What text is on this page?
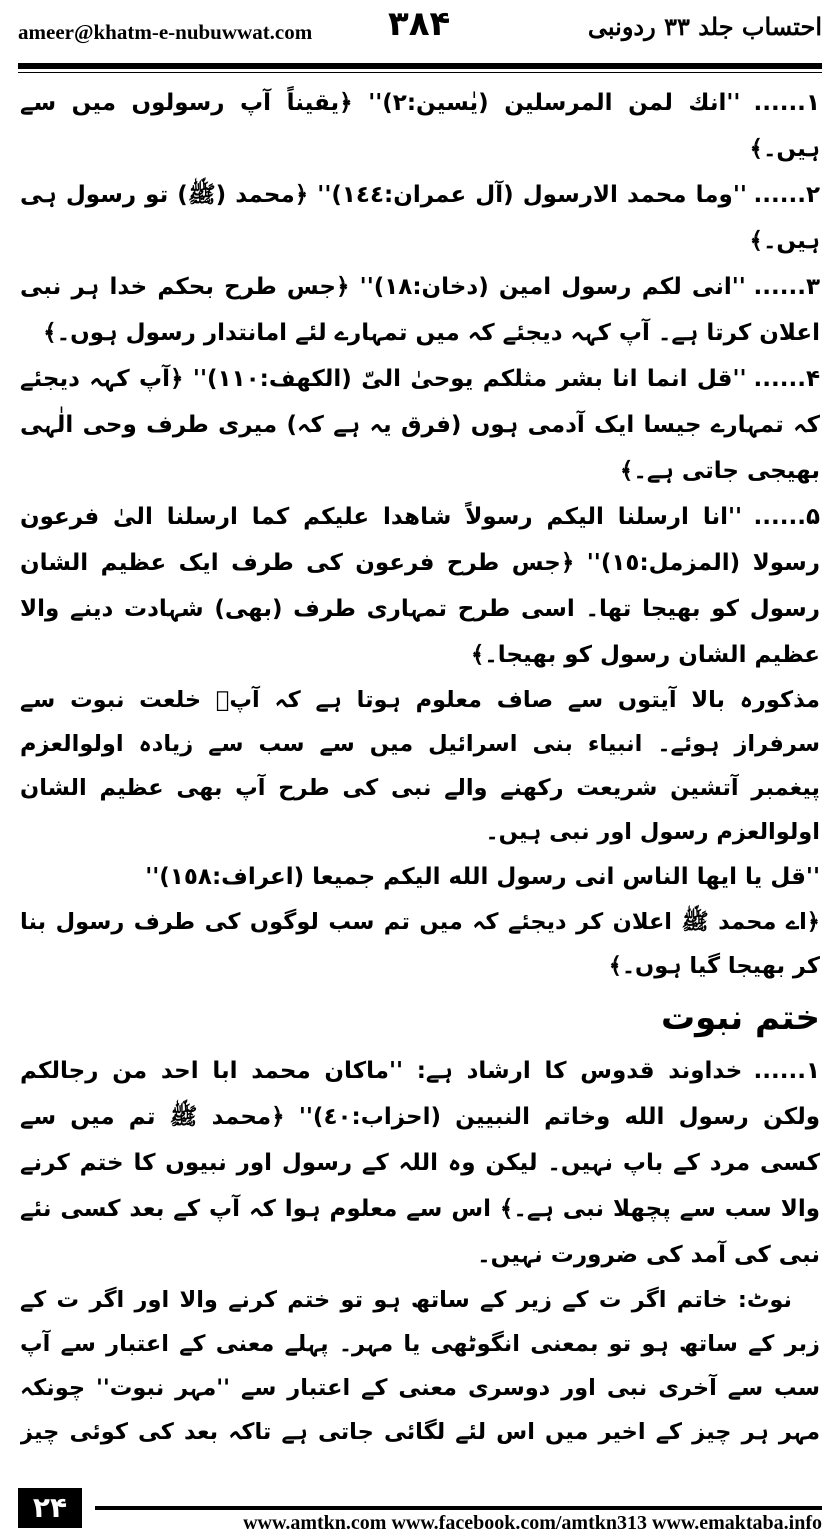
ameer@khatm-e-nubuwwat.com ۳۸۴	احتساب جلد ۳۳ ردونبی

۱...... ''انك لمن المرسلين (يٰسين:٢)'' ﴿یقیناً آپ رسولوں میں سے ہیں۔﴾

۲...... ''وما محمد الارسول (آل عمران:١٤٤)'' ﴿محمد (ﷺ) تو رسول ہی ہیں۔﴾

۳...... ''انی لکم رسول امین (دخان:١٨)'' ﴿جس طرح بحکم خدا ہر نبی اعلان کرتا ہے۔ آپ کہہ دیجئے کہ میں تمہارے لئے امانتدار رسول ہوں۔﴾

۴...... ''قل انما انا بشر مثلکم یوحیٰ الیّ (الکهف:١١٠)'' ﴿آپ کہہ دیجئے کہ تمہارے جیسا ایک آدمی ہوں (فرق یہ ہے کہ) میری طرف وحی الٰہی بھیجی جاتی ہے۔﴾

۵...... ''انا ارسلنا الیکم رسولاً شاهدا علیکم کما ارسلنا الیٰ فرعون رسولا (المزمل:١٥)'' ﴿جس طرح فرعون کی طرف ایک عظیم الشان رسول کو بھیجا تھا۔ اسی طرح تمہاری طرف (بھی) شہادت دینے والا عظیم الشان رسول کو بھیجا۔﴾

مذکورہ بالا آیتوں سے صاف معلوم ہوتا ہے کہ آپؐ خلعت نبوت سے سرفراز ہوئے۔ انبیاء بنی اسرائیل میں سے سب سے زیادہ اولوالعزم پیغمبر آتشین شریعت رکھنے والے نبی کی طرح آپ بھی عظیم الشان اولوالعزم رسول اور نبی ہیں۔

''قل یا ایها الناس انی رسول الله الیکم جمیعا (اعراف:١٥٨)''

﴿اے محمد ﷺ اعلان کر دیجئے کہ میں تم سب لوگوں کی طرف رسول بنا کر بھیجا گیا ہوں۔﴾

ختم نبوت

۱...... خداوند قدوس کا ارشاد ہے: ''ماکان محمد ابا احد من رجالکم ولکن رسول الله وخاتم النبیین (احزاب:٤٠)'' ﴿محمد ﷺ تم میں سے کسی مرد کے باپ نہیں۔ لیکن وہ اللہ کے رسول اور نبیوں کا ختم کرنے والا سب سے پچھلا نبی ہے۔﴾ اس سے معلوم ہوا کہ آپ کے بعد کسی نئے نبی کی آمد کی ضرورت نہیں۔

نوٹ: خاتم اگر ت کے زیر کے ساتھ ہو تو ختم کرنے والا اور اگر ت کے زبر کے ساتھ ہو تو بمعنی انگوٹھی یا مہر۔ پہلے معنی کے اعتبار سے آپ سب سے آخری نبی اور دوسری معنی کے اعتبار سے ''مہر نبوت'' چونکہ مہر ہر چیز کے اخیر میں اس لئے لگائی جاتی ہے تاکہ بعد کی کوئی چیز

۲۴	www.amtkn.com www.facebook.com/amtkn313 www.emaktaba.info
